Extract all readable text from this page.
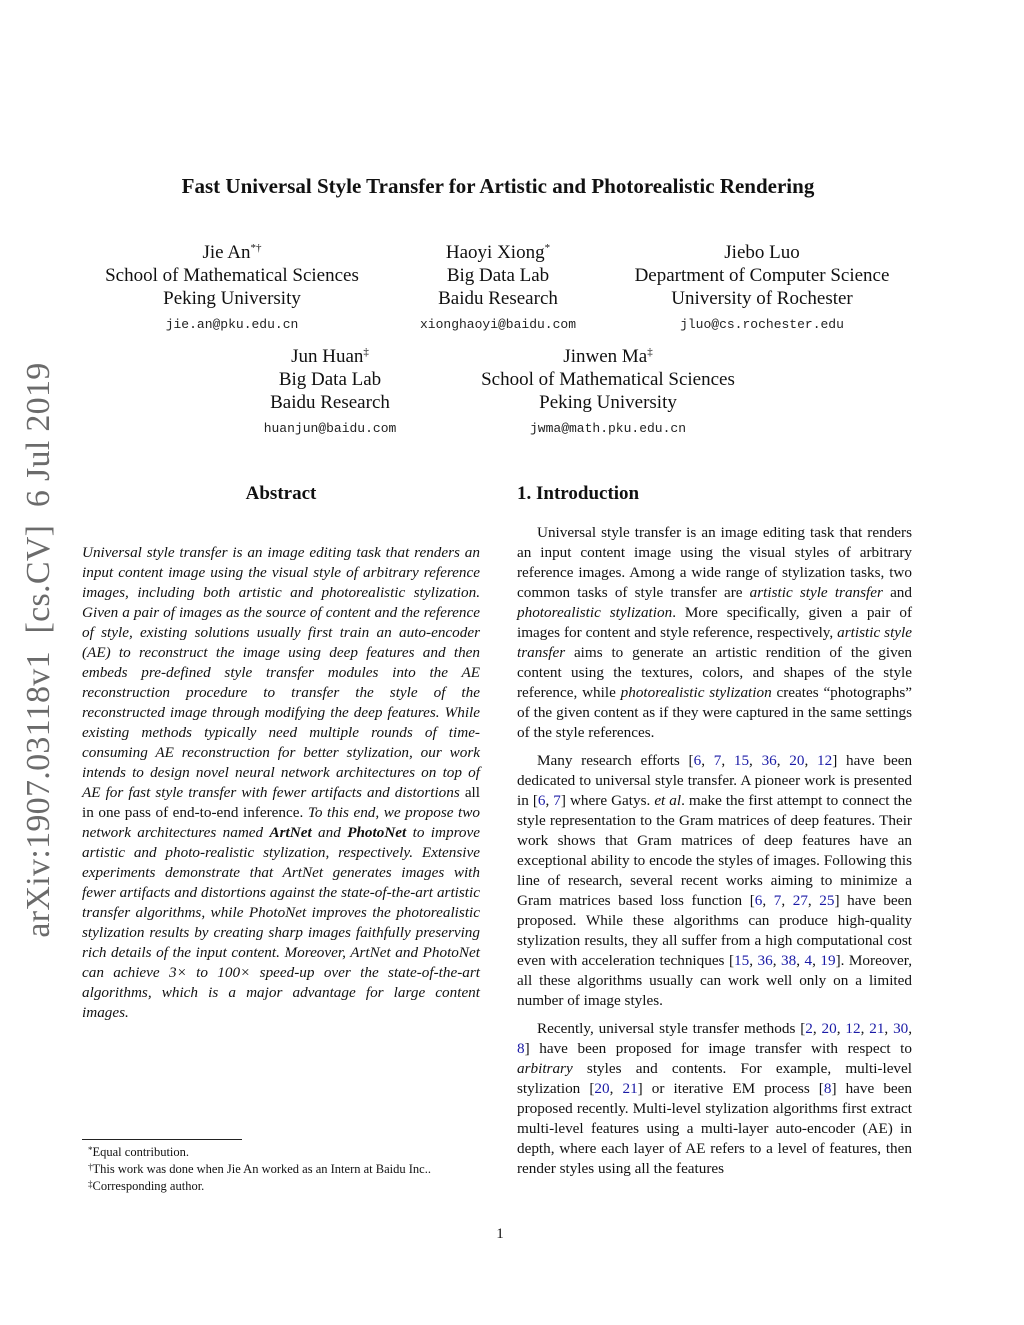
arXiv:1907.03118v1  [cs.CV]  6 Jul 2019
Fast Universal Style Transfer for Artistic and Photorealistic Rendering
Jie An*†
School of Mathematical Sciences
Peking University
jie.an@pku.edu.cn
Haoyi Xiong*
Big Data Lab
Baidu Research
xionghaoyi@baidu.com
Jiebo Luo
Department of Computer Science
University of Rochester
jluo@cs.rochester.edu
Jun Huan‡
Big Data Lab
Baidu Research
huanjun@baidu.com
Jinwen Ma‡
School of Mathematical Sciences
Peking University
jwma@math.pku.edu.cn
Abstract
Universal style transfer is an image editing task that renders an input content image using the visual style of arbitrary reference images, including both artistic and photorealistic stylization. Given a pair of images as the source of content and the reference of style, existing solutions usually first train an auto-encoder (AE) to reconstruct the image using deep features and then embeds pre-defined style transfer modules into the AE reconstruction procedure to transfer the style of the reconstructed image through modifying the deep features. While existing methods typically need multiple rounds of time-consuming AE reconstruction for better stylization, our work intends to design novel neural network architectures on top of AE for fast style transfer with fewer artifacts and distortions all in one pass of end-to-end inference. To this end, we propose two network architectures named ArtNet and PhotoNet to improve artistic and photo-realistic stylization, respectively. Extensive experiments demonstrate that ArtNet generates images with fewer artifacts and distortions against the state-of-the-art artistic transfer algorithms, while PhotoNet improves the photorealistic stylization results by creating sharp images faithfully preserving rich details of the input content. Moreover, ArtNet and PhotoNet can achieve 3× to 100× speed-up over the state-of-the-art algorithms, which is a major advantage for large content images.
1. Introduction

Universal style transfer is an image editing task that renders an input content image using the visual styles of arbitrary reference images. Among a wide range of stylization tasks, two common tasks of style transfer are artistic style transfer and photorealistic stylization. More specifically, given a pair of images for content and style reference, respectively, artistic style transfer aims to generate an artistic rendition of the given content using the textures, colors, and shapes of the style reference, while photorealistic stylization creates “photographs” of the given content as if they were captured in the same settings of the style references.

Many research efforts [6, 7, 15, 36, 20, 12] have been dedicated to universal style transfer. A pioneer work is presented in [6, 7] where Gatys. et al. make the first attempt to connect the style representation to the Gram matrices of deep features. Their work shows that Gram matrices of deep features have an exceptional ability to encode the styles of images. Following this line of research, several recent works aiming to minimize a Gram matrices based loss function [6, 7, 27, 25] have been proposed. While these algorithms can produce high-quality stylization results, they all suffer from a high computational cost even with acceleration techniques [15, 36, 38, 4, 19]. Moreover, all these algorithms usually can work well only on a limited number of image styles.

Recently, universal style transfer methods [2, 20, 12, 21, 30, 8] have been proposed for image transfer with respect to arbitrary styles and contents. For example, multi-level stylization [20, 21] or iterative EM process [8] have been proposed recently. Multi-level stylization algorithms first extract multi-level features using a multi-layer auto-encoder (AE) in depth, where each layer of AE refers to a level of features, then render styles using all the features

*Equal contribution.
†This work was done when Jie An worked as an Intern at Baidu Inc..
‡Corresponding author.
1
